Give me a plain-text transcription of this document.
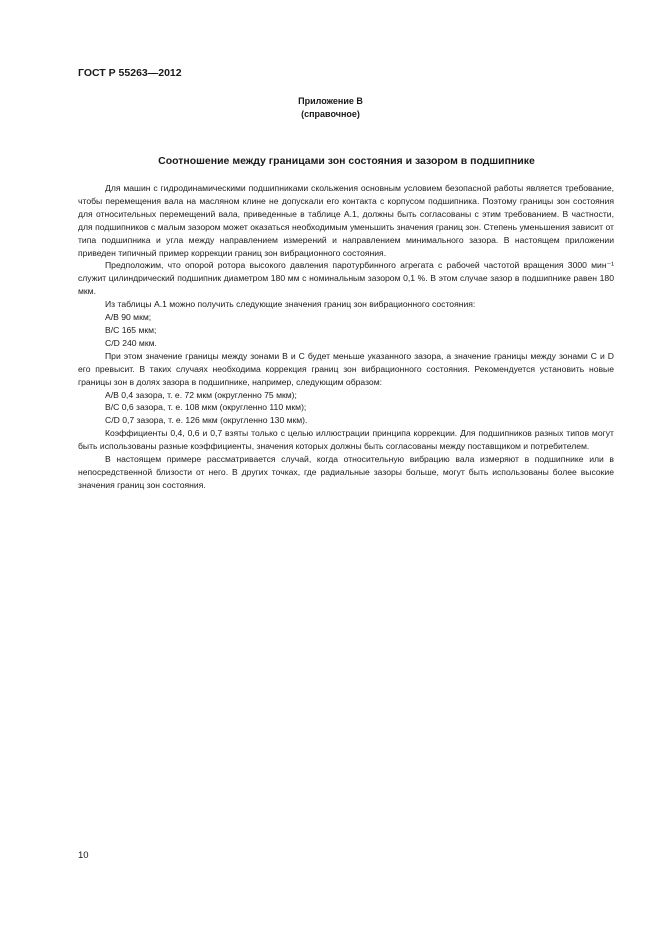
ГОСТ Р 55263—2012
Приложение В
(справочное)
Соотношение между границами зон состояния и зазором в подшипнике

Для машин с гидродинамическими подшипниками скольжения основным условием безопасной работы является требование, чтобы перемещения вала на масляном клине не допускали его контакта с корпусом подшипника. Поэтому границы зон состояния для относительных перемещений вала, приведенные в таблице А.1, должны быть согласованы с этим требованием. В частности, для подшипников с малым зазором может оказаться необходимым уменьшить значения границ зон. Степень уменьшения зависит от типа подшипника и угла между направлением измерений и направлением минимального зазора. В настоящем приложении приведен типичный пример коррекции границ зон вибрационного состояния.

Предположим, что опорой ротора высокого давления паротурбинного агрегата с рабочей частотой вращения 3000 мин⁻¹ служит цилиндрический подшипник диаметром 180 мм с номинальным зазором 0,1 %. В этом случае зазор в подшипнике равен 180 мкм.

Из таблицы А.1 можно получить следующие значения границ зон вибрационного состояния:

A/B 90 мкм;

B/C 165 мкм;

C/D 240 мкм.

При этом значение границы между зонами B и C будет меньше указанного зазора, а значение границы между зонами C и D его превысит. В таких случаях необходима коррекция границ зон вибрационного состояния. Рекомендуется установить новые границы зон в долях зазора в подшипнике, например, следующим образом:

A/B 0,4 зазора, т. е. 72 мкм (округленно 75 мкм);

B/C 0,6 зазора, т. е. 108 мкм (округленно 110 мкм);

C/D 0,7 зазора, т. е. 126 мкм (округленно 130 мкм).

Коэффициенты 0,4, 0,6 и 0,7 взяты только с целью иллюстрации принципа коррекции. Для подшипников разных типов могут быть использованы разные коэффициенты, значения которых должны быть согласованы между поставщиком и потребителем.

В настоящем примере рассматривается случай, когда относительную вибрацию вала измеряют в подшипнике или в непосредственной близости от него. В других точках, где радиальные зазоры больше, могут быть использованы более высокие значения границ зон состояния.

10
